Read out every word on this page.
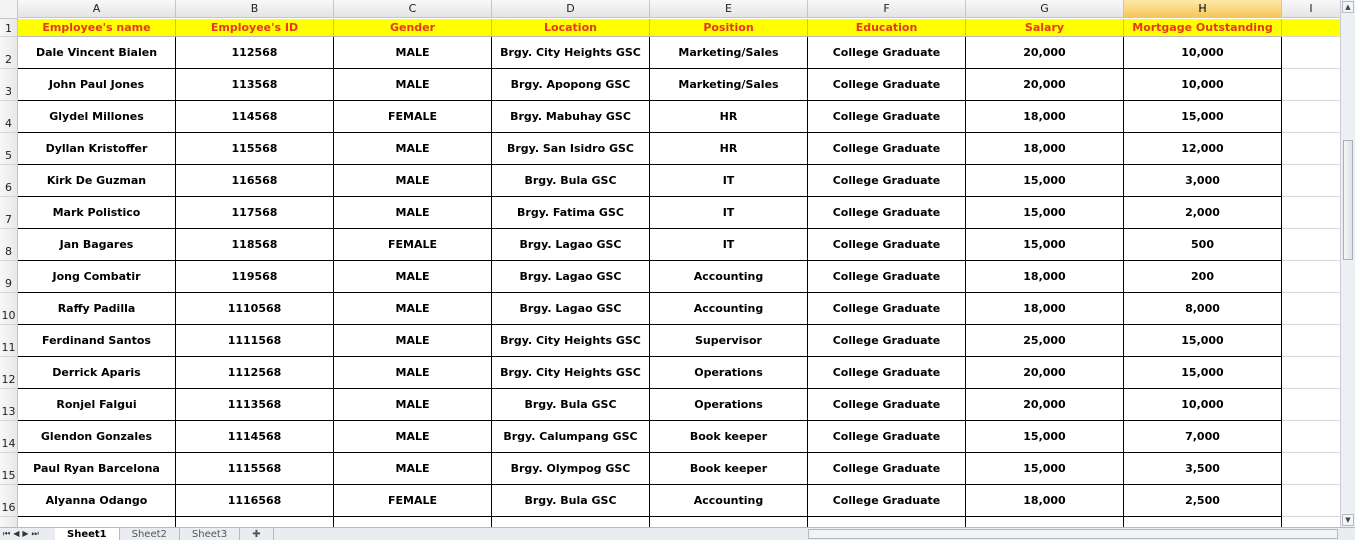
A	B	C	D	E	F	G	H	I
1	Employee's name	Employee's ID	Gender	Location	Position	Education	Salary	Mortgage Outstanding
2
Dale Vincent Bialen	112568	MALE	Brgy. City Heights GSC	Marketing/Sales	College Graduate	20,000	10,000
3
John Paul Jones	113568	MALE	Brgy. Apopong GSC	Marketing/Sales	College Graduate	20,000	10,000
4
Glydel Millones	114568	FEMALE	Brgy. Mabuhay GSC	HR	College Graduate	18,000	15,000
5
Dyllan Kristoffer	115568	MALE	Brgy. San Isidro GSC	HR	College Graduate	18,000	12,000
6
Kirk De Guzman	116568	MALE	Brgy. Bula GSC	IT	College Graduate	15,000	3,000
7
Mark Polistico	117568	MALE	Brgy. Fatima GSC	IT	College Graduate	15,000	2,000
8
Jan Bagares	118568	FEMALE	Brgy. Lagao GSC	IT	College Graduate	15,000	500
9
Jong Combatir	119568	MALE	Brgy. Lagao GSC	Accounting	College Graduate	18,000	200
10
Raffy Padilla	1110568	MALE	Brgy. Lagao GSC	Accounting	College Graduate	18,000	8,000
11
Ferdinand Santos	1111568	MALE	Brgy. City Heights GSC	Supervisor	College Graduate	25,000	15,000
12
Derrick Aparis	1112568	MALE	Brgy. City Heights GSC	Operations	College Graduate	20,000	15,000
13
Ronjel Falgui	1113568	MALE	Brgy. Bula GSC	Operations	College Graduate	20,000	10,000
14
Glendon Gonzales	1114568	MALE	Brgy. Calumpang GSC	Book keeper	College Graduate	15,000	7,000
15
Paul Ryan Barcelona	1115568	MALE	Brgy. Olympog GSC	Book keeper	College Graduate	15,000	3,500
16
Alyanna Odango	1116568	FEMALE	Brgy. Bula GSC	Accounting	College Graduate	18,000	2,500
▲
▼
⏮ ◀ ▶ ⏭	Sheet1	Sheet2	Sheet3	✚
